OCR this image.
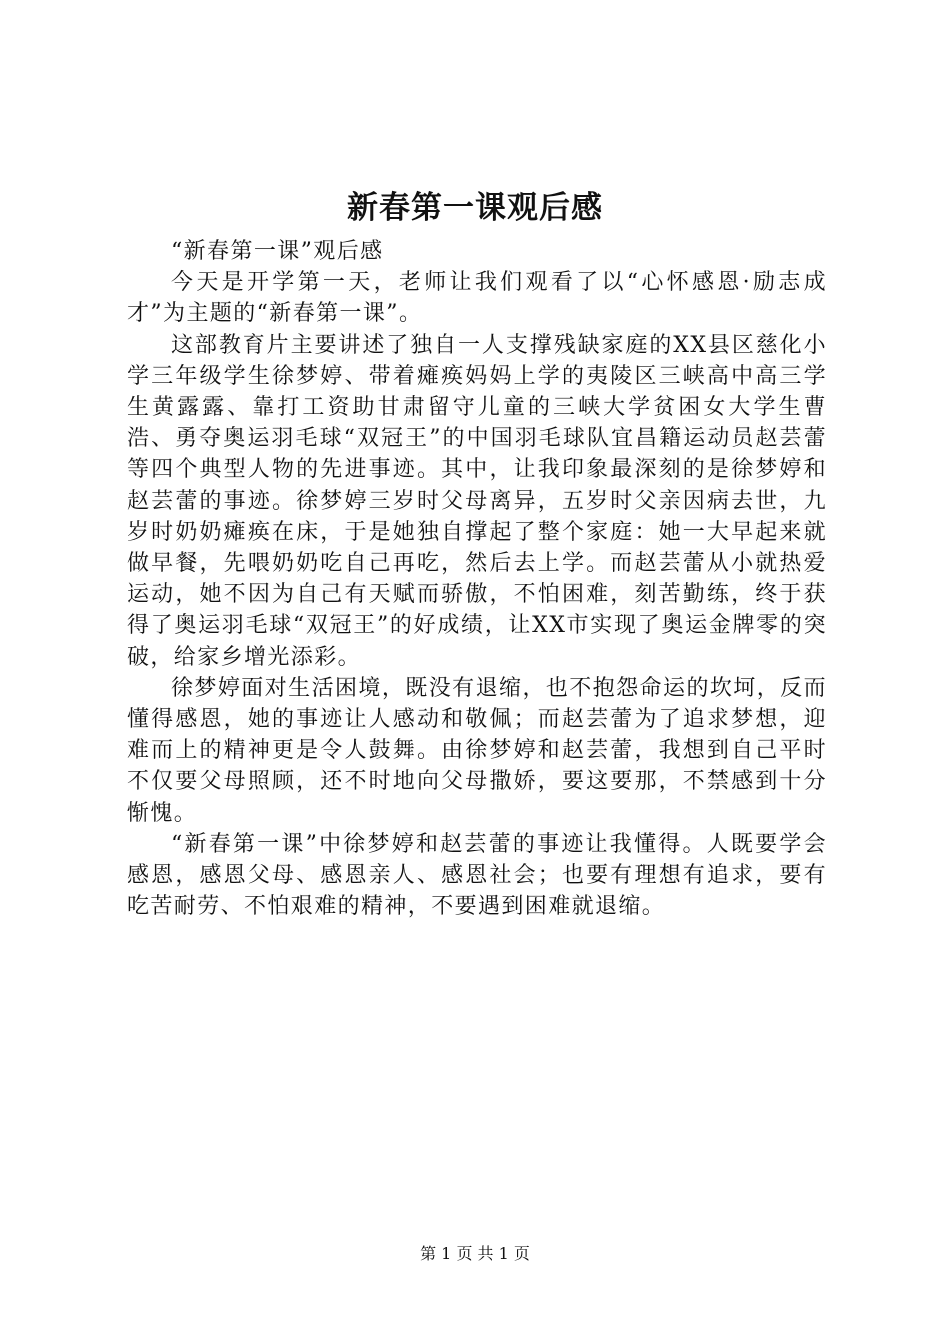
新春第一课观后感

“新春第一课”观后感

今天是开学第一天，老师让我们观看了以“心怀感恩·励志成才”为主题的“新春第一课”。

这部教育片主要讲述了独自一人支撑残缺家庭的XX县区慈化小学三年级学生徐梦婷、带着瘫痪妈妈上学的夷陵区三峡高中高三学生黄露露、靠打工资助甘肃留守儿童的三峡大学贫困女大学生曹浩、勇夺奥运羽毛球“双冠王”的中国羽毛球队宜昌籍运动员赵芸蕾等四个典型人物的先进事迹。其中，让我印象最深刻的是徐梦婷和赵芸蕾的事迹。徐梦婷三岁时父母离异，五岁时父亲因病去世，九岁时奶奶瘫痪在床，于是她独自撑起了整个家庭：她一大早起来就做早餐，先喂奶奶吃自己再吃，然后去上学。而赵芸蕾从小就热爱运动，她不因为自己有天赋而骄傲，不怕困难，刻苦勤练，终于获得了奥运羽毛球“双冠王”的好成绩，让XX市实现了奥运金牌零的突破，给家乡增光添彩。

徐梦婷面对生活困境，既没有退缩，也不抱怨命运的坎坷，反而懂得感恩，她的事迹让人感动和敬佩；而赵芸蕾为了追求梦想，迎难而上的精神更是令人鼓舞。由徐梦婷和赵芸蕾，我想到自己平时不仅要父母照顾，还不时地向父母撒娇，要这要那，不禁感到十分惭愧。

“新春第一课”中徐梦婷和赵芸蕾的事迹让我懂得。人既要学会感恩，感恩父母、感恩亲人、感恩社会；也要有理想有追求，要有吃苦耐劳、不怕艰难的精神，不要遇到困难就退缩。

第 1 页 共 1 页
